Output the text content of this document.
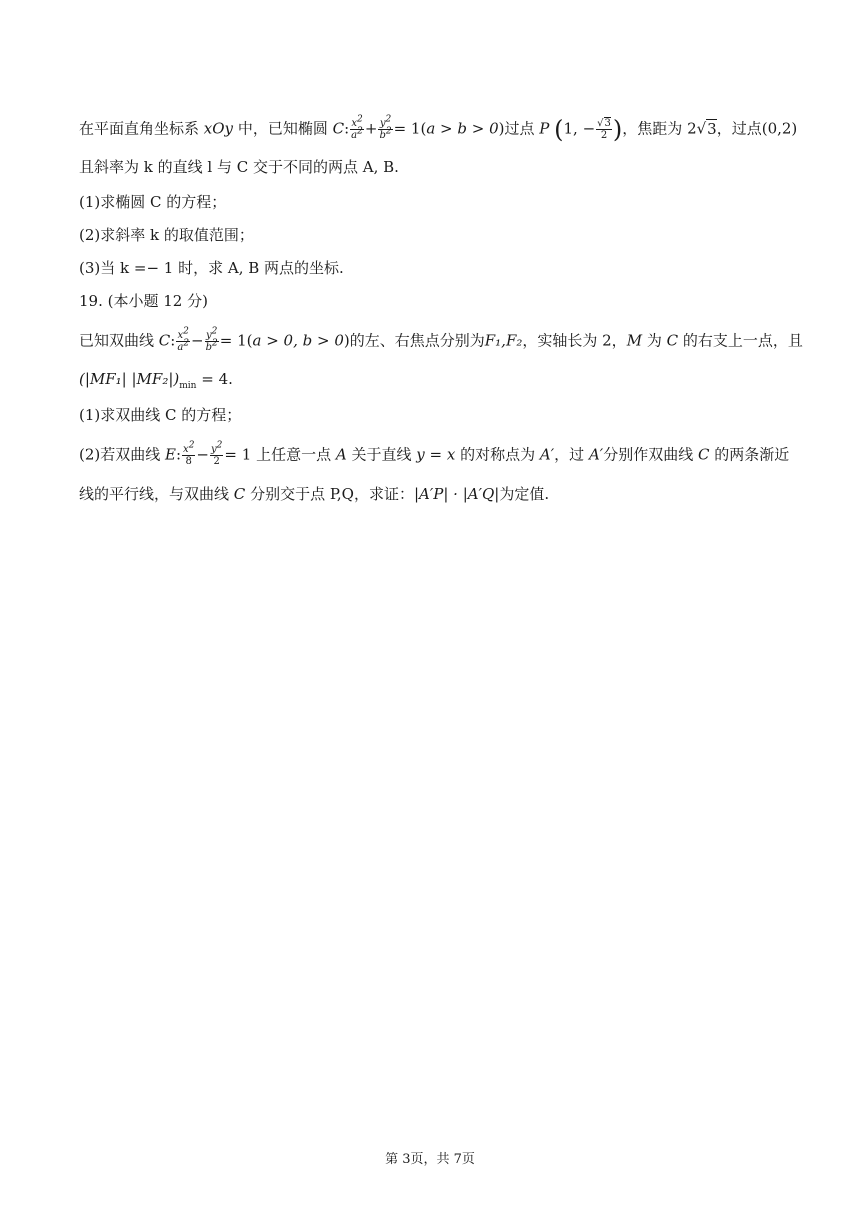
在平面直角坐标系 xOy 中，已知椭圆 C: $\frac{x^2}{a^2} + \frac{y^2}{b^2} = 1(a > b > 0)$过点 P (1, − $\frac{√3}{2}$ )，焦距为 2√3，过点(0,2)
且斜率为 k 的直线 l 与 C 交于不同的两点 A, B.
(1)求椭圆 C 的方程；
(2)求斜率 k 的取值范围；
(3)当 k =− 1 时，求 A, B 两点的坐标.
19. (本小题 12 分)
已知双曲线 C: $\frac{x^2}{a^2} - \frac{y^2}{b^2} = 1(a > 0$, b > 0)的左、右焦点分别为F₁,F₂，实轴长为 2，M 为 C 的右支上一点，且
(|MF₁| $|MF_2|)_{min} = 4$.
(1)求双曲线 C 的方程；
(2)若双曲线 E: $\frac{x^2}{8} - \frac{y^2}{2} = 1$ 上任意一点 A 关于直线 y = x 的对称点为 A′，过 A′分别作双曲线 C 的两条渐近
线的平行线，与双曲线 C 分别交于点 P,Q，求证：|A′P| · |A′Q|为定值.
第 3页，共 7页
